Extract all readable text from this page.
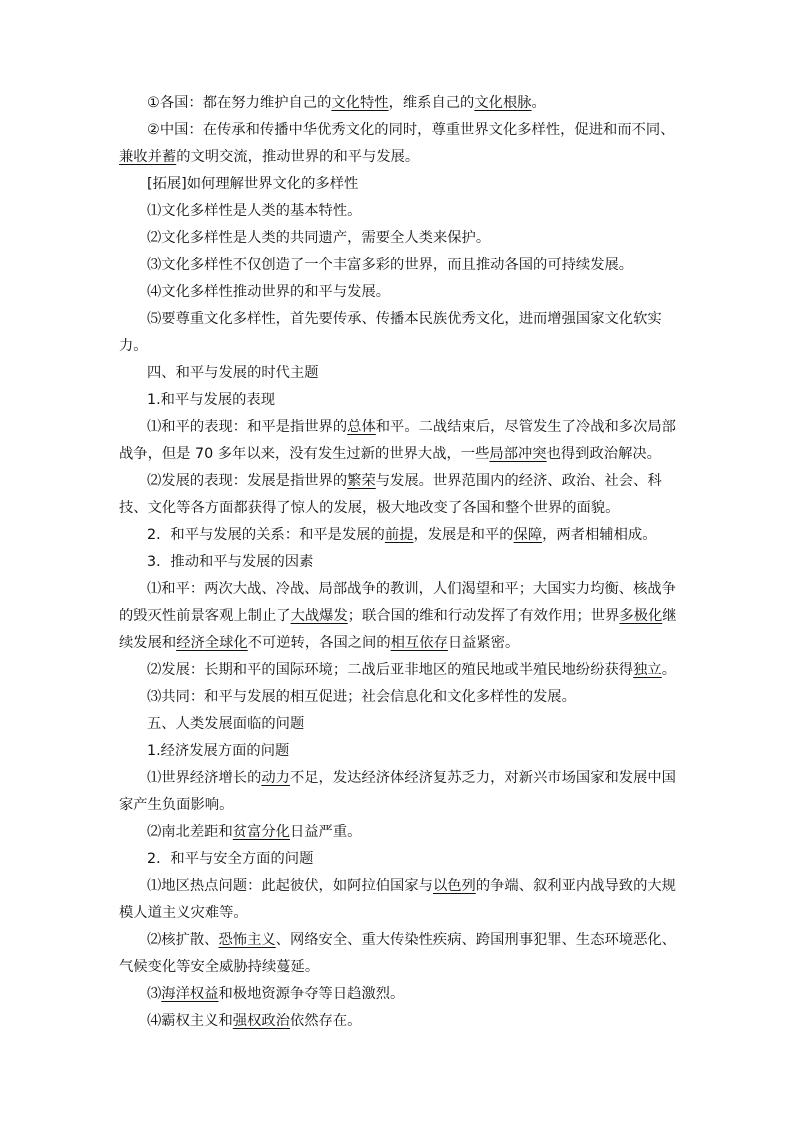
①各国：都在努力维护自己的文化特性，维系自己的文化根脉。

②中国：在传承和传播中华优秀文化的同时，尊重世界文化多样性，促进和而不同、兼收并蓄的文明交流，推动世界的和平与发展。

[拓展]如何理解世界文化的多样性

⑴文化多样性是人类的基本特性。

⑵文化多样性是人类的共同遗产，需要全人类来保护。

⑶文化多样性不仅创造了一个丰富多彩的世界，而且推动各国的可持续发展。

⑷文化多样性推动世界的和平与发展。

⑸要尊重文化多样性，首先要传承、传播本民族优秀文化，进而增强国家文化软实力。

四、和平与发展的时代主题

1.和平与发展的表现

⑴和平的表现：和平是指世界的总体和平。二战结束后，尽管发生了冷战和多次局部战争，但是 70 多年以来，没有发生过新的世界大战，一些局部冲突也得到政治解决。

⑵发展的表现：发展是指世界的繁荣与发展。世界范围内的经济、政治、社会、科技、文化等各方面都获得了惊人的发展，极大地改变了各国和整个世界的面貌。

2．和平与发展的关系：和平是发展的前提，发展是和平的保障，两者相辅相成。

3．推动和平与发展的因素

⑴和平：两次大战、冷战、局部战争的教训，人们渴望和平；大国实力均衡、核战争的毁灭性前景客观上制止了大战爆发；联合国的维和行动发挥了有效作用；世界多极化继续发展和经济全球化不可逆转，各国之间的相互依存日益紧密。

⑵发展：长期和平的国际环境；二战后亚非地区的殖民地或半殖民地纷纷获得独立。

⑶共同：和平与发展的相互促进；社会信息化和文化多样性的发展。

五、人类发展面临的问题

1.经济发展方面的问题

⑴世界经济增长的动力不足，发达经济体经济复苏乏力，对新兴市场国家和发展中国家产生负面影响。

⑵南北差距和贫富分化日益严重。

2．和平与安全方面的问题

⑴地区热点问题：此起彼伏，如阿拉伯国家与以色列的争端、叙利亚内战导致的大规模人道主义灾难等。

⑵核扩散、恐怖主义、网络安全、重大传染性疾病、跨国刑事犯罪、生态环境恶化、气候变化等安全威胁持续蔓延。

⑶海洋权益和极地资源争夺等日趋激烈。

⑷霸权主义和强权政治依然存在。
